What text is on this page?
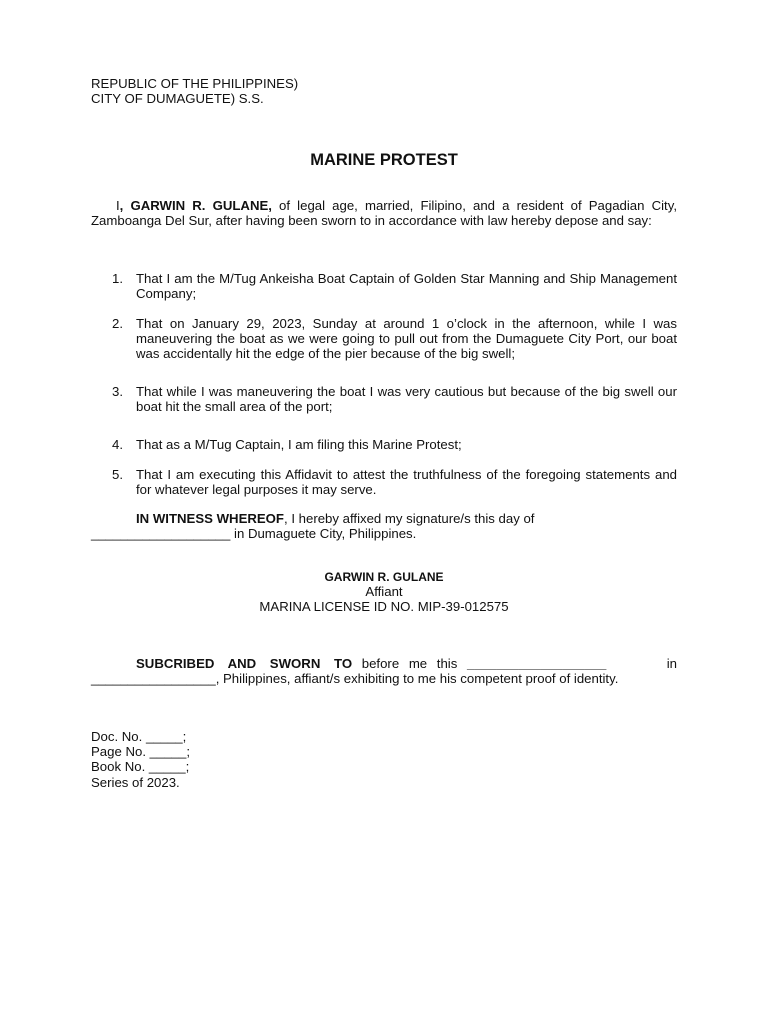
REPUBLIC OF THE PHILIPPINES)
CITY OF DUMAGUETE) S.S.
MARINE PROTEST
I, GARWIN R. GULANE, of legal age, married, Filipino, and a resident of Pagadian City, Zamboanga Del Sur, after having been sworn to in accordance with law hereby depose and say:
1. That I am the M/Tug Ankeisha Boat Captain of Golden Star Manning and Ship Management Company;
2. That on January 29, 2023, Sunday at around 1 o’clock in the afternoon, while I was maneuvering the boat as we were going to pull out from the Dumaguete City Port, our boat was accidentally hit the edge of the pier because of the big swell;
3. That while I was maneuvering the boat I was very cautious but because of the big swell our boat hit the small area of the port;
4. That as a M/Tug Captain, I am filing this Marine Protest;
5. That I am executing this Affidavit to attest the truthfulness of the foregoing statements and for whatever legal purposes it may serve.
IN WITNESS WHEREOF, I hereby affixed my signature/s this day of
___________________ in Dumaguete City, Philippines.
GARWIN R. GULANE
Affiant
MARINA LICENSE ID NO. MIP-39-012575
SUBCRIBED AND SWORN TO before me this ___________________	in
_________________, Philippines, affiant/s exhibiting to me his competent proof of identity.
Doc. No. _____;
Page No. _____;
Book No. _____;
Series of 2023.
